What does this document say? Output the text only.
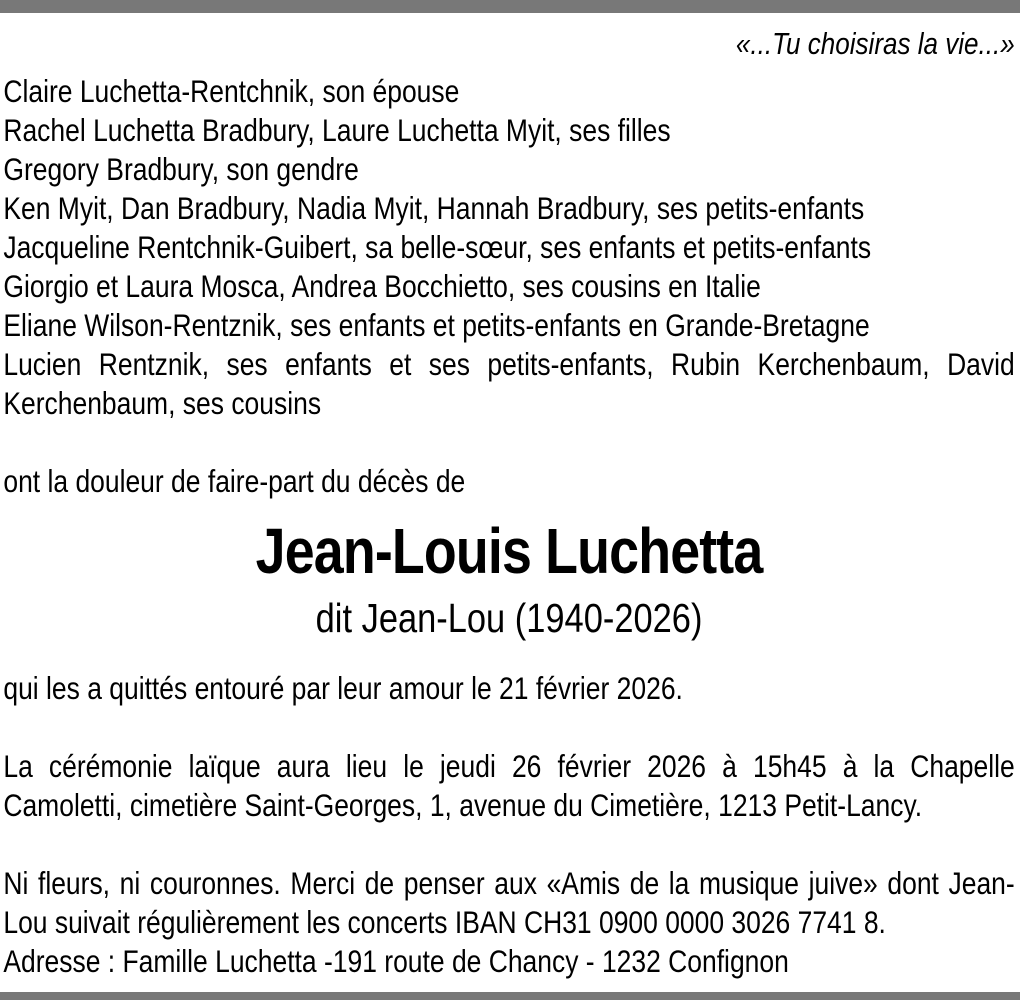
«...Tu choisiras la vie...»
Claire Luchetta-Rentchnik, son épouse
Rachel Luchetta Bradbury, Laure Luchetta Myit, ses filles
Gregory Bradbury, son gendre
Ken Myit, Dan Bradbury, Nadia Myit, Hannah Bradbury, ses petits-enfants
Jacqueline Rentchnik-Guibert, sa belle-sœur, ses enfants et petits-enfants
Giorgio et Laura Mosca, Andrea Bocchietto, ses cousins en Italie
Eliane Wilson-Rentznik, ses enfants et petits-enfants en Grande-Bretagne
Lucien Rentznik, ses enfants et ses petits-enfants, Rubin Kerchenbaum, David Kerchenbaum, ses cousins
ont la douleur de faire-part du décès de
Jean-Louis Luchetta
dit Jean-Lou (1940-2026)
qui les a quittés entouré par leur amour le 21 février 2026.
La cérémonie laïque aura lieu le jeudi 26 février 2026 à 15h45 à la Chapelle Camoletti, cimetière Saint-Georges, 1, avenue du Cimetière, 1213 Petit-Lancy.
Ni fleurs, ni couronnes. Merci de penser aux «Amis de la musique juive» dont Jean-Lou suivait régulièrement les concerts IBAN CH31 0900 0000 3026 7741 8.
Adresse : Famille Luchetta -191 route de Chancy - 1232 Confignon
